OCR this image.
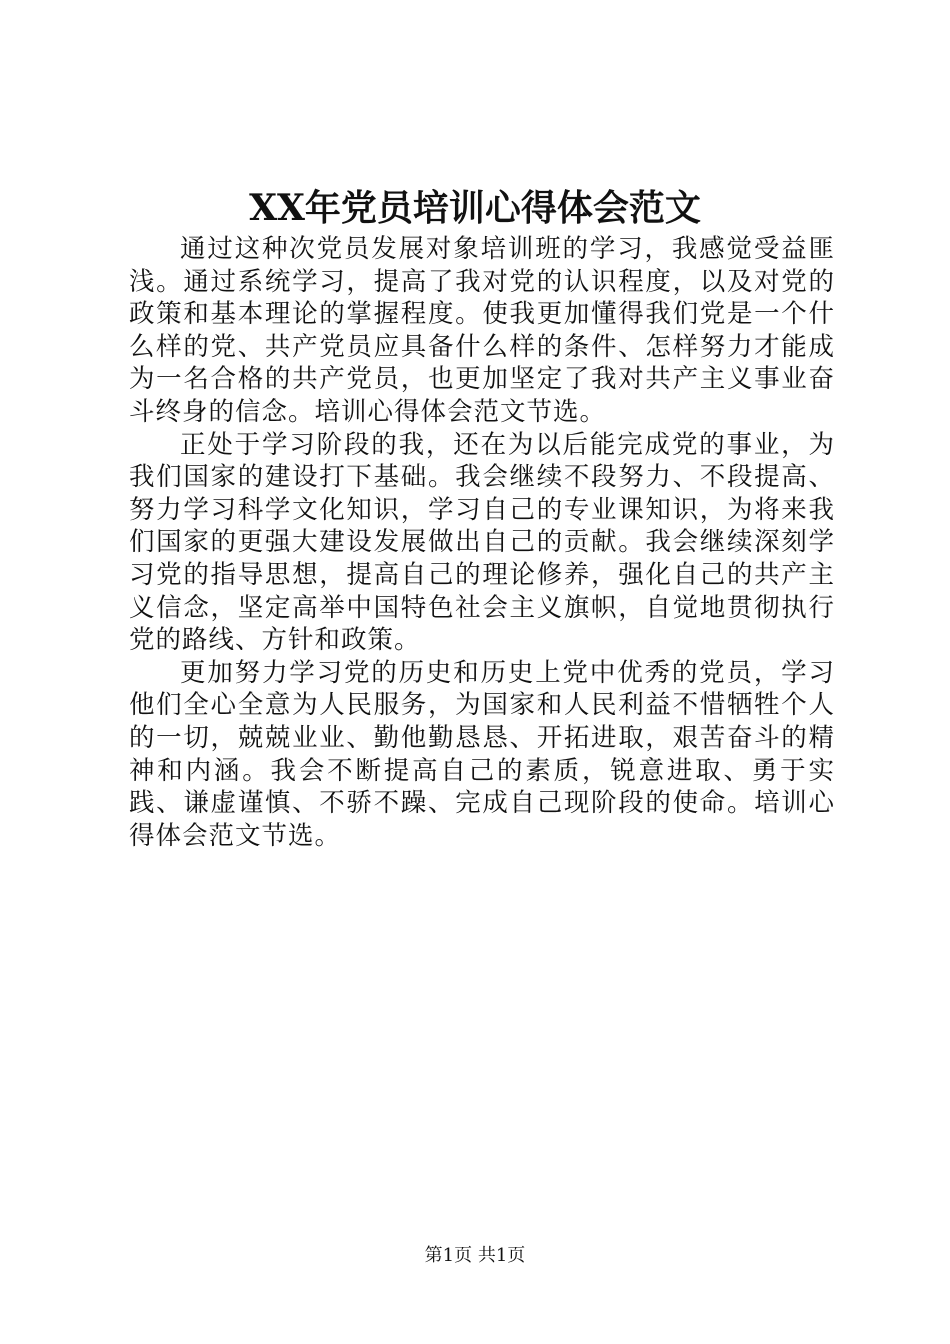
XX年党员培训心得体会范文

通过这种次党员发展对象培训班的学习，我感觉受益匪浅。通过系统学习，提高了我对党的认识程度，以及对党的政策和基本理论的掌握程度。使我更加懂得我们党是一个什么样的党、共产党员应具备什么样的条件、怎样努力才能成为一名合格的共产党员，也更加坚定了我对共产主义事业奋斗终身的信念。培训心得体会范文节选。

正处于学习阶段的我，还在为以后能完成党的事业，为我们国家的建设打下基础。我会继续不段努力、不段提高、努力学习科学文化知识，学习自己的专业课知识，为将来我们国家的更强大建设发展做出自己的贡献。我会继续深刻学习党的指导思想，提高自己的理论修养，强化自己的共产主义信念，坚定高举中国特色社会主义旗帜，自觉地贯彻执行党的路线、方针和政策。

更加努力学习党的历史和历史上党中优秀的党员，学习他们全心全意为人民服务，为国家和人民利益不惜牺牲个人的一切，兢兢业业、勤他勤恳恳、开拓进取，艰苦奋斗的精神和内涵。我会不断提高自己的素质，锐意进取、勇于实践、谦虚谨慎、不骄不躁、完成自己现阶段的使命。培训心得体会范文节选。

第1页 共1页
